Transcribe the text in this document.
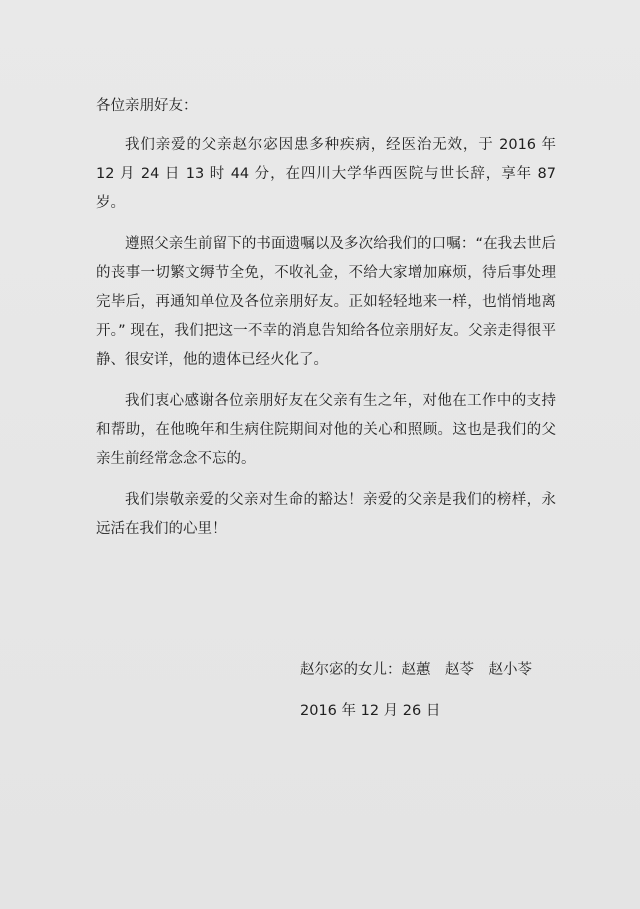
各位亲朋好友：

我们亲爱的父亲赵尔宓因患多种疾病，经医治无效，于 2016 年 12 月 24 日 13 时 44 分，在四川大学华西医院与世长辞，享年 87 岁。

遵照父亲生前留下的书面遗嘱以及多次给我们的口嘱：“在我去世后的丧事一切繁文缛节全免，不收礼金，不给大家增加麻烦，待后事处理完毕后，再通知单位及各位亲朋好友。正如轻轻地来一样，也悄悄地离开。” 现在，我们把这一不幸的消息告知给各位亲朋好友。父亲走得很平静、很安详，他的遗体已经火化了。

我们衷心感谢各位亲朋好友在父亲有生之年，对他在工作中的支持和帮助，在他晚年和生病住院期间对他的关心和照顾。这也是我们的父亲生前经常念念不忘的。

我们崇敬亲爱的父亲对生命的豁达！亲爱的父亲是我们的榜样，永远活在我们的心里！

赵尔宓的女儿：赵蕙　赵苓　赵小苓

2016 年 12 月 26 日
